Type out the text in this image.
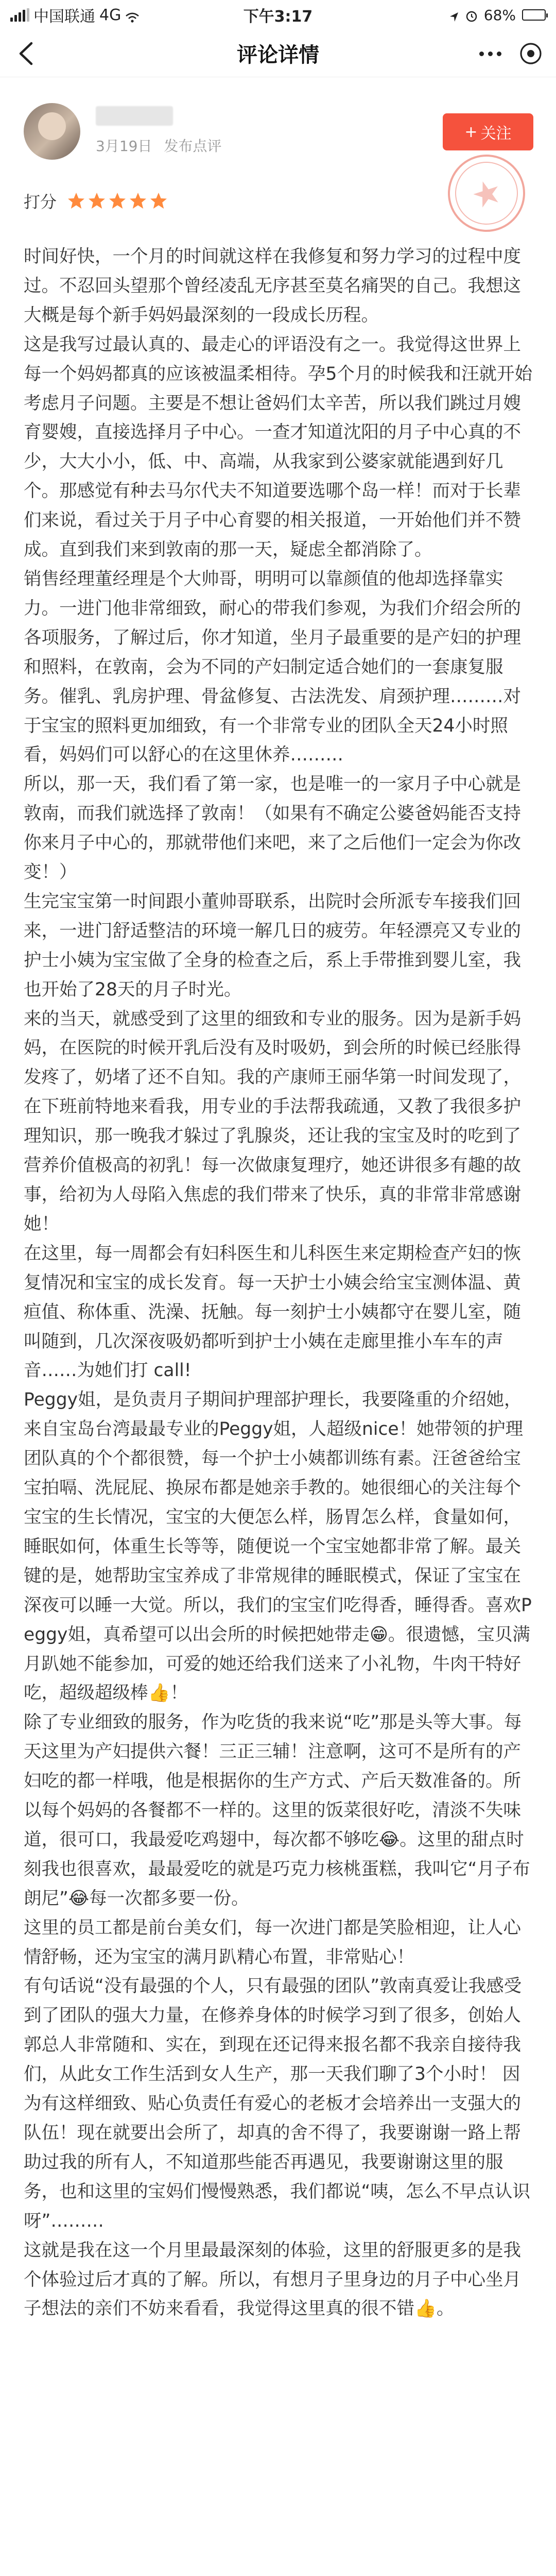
中国联通 4G	下午3:17	68%
评论详情
3月19日 发布点评
+ 关注
打分

时间好快，一个月的时间就这样在我修复和努力学习的过程中度过。不忍回头望那个曾经凌乱无序甚至莫名痛哭的自己。我想这大概是每个新手妈妈最深刻的一段成长历程。

这是我写过最认真的、最走心的评语没有之一。我觉得这世界上每一个妈妈都真的应该被温柔相待。孕5个月的时候我和汪就开始考虑月子问题。主要是不想让爸妈们太辛苦，所以我们跳过月嫂育婴嫂，直接选择月子中心。一查才知道沈阳的月子中心真的不少，大大小小，低、中、高端，从我家到公婆家就能遇到好几个。那感觉有种去马尔代夫不知道要选哪个岛一样！而对于长辈们来说，看过关于月子中心育婴的相关报道，一开始他们并不赞成。直到我们来到敦南的那一天，疑虑全都消除了。

销售经理董经理是个大帅哥，明明可以靠颜值的他却选择靠实力。一进门他非常细致，耐心的带我们参观，为我们介绍会所的各项服务，了解过后，你才知道，坐月子最重要的是产妇的护理和照料，在敦南，会为不同的产妇制定适合她们的一套康复服务。催乳、乳房护理、骨盆修复、古法洗发、肩颈护理………对于宝宝的照料更加细致，有一个非常专业的团队全天24小时照看，妈妈们可以舒心的在这里休养………

所以，那一天，我们看了第一家，也是唯一的一家月子中心就是敦南，而我们就选择了敦南！（如果有不确定公婆爸妈能否支持你来月子中心的，那就带他们来吧，来了之后他们一定会为你改变！）

生完宝宝第一时间跟小董帅哥联系，出院时会所派专车接我们回来，一进门舒适整洁的环境一解几日的疲劳。年轻漂亮又专业的护士小姨为宝宝做了全身的检查之后，系上手带推到婴儿室，我也开始了28天的月子时光。

来的当天，就感受到了这里的细致和专业的服务。因为是新手妈妈，在医院的时候开乳后没有及时吸奶，到会所的时候已经胀得发疼了，奶堵了还不自知。我的产康师王丽华第一时间发现了，在下班前特地来看我，用专业的手法帮我疏通，又教了我很多护理知识，那一晚我才躲过了乳腺炎，还让我的宝宝及时的吃到了营养价值极高的初乳！每一次做康复理疗，她还讲很多有趣的故事，给初为人母陷入焦虑的我们带来了快乐，真的非常非常感谢她！

在这里，每一周都会有妇科医生和儿科医生来定期检查产妇的恢复情况和宝宝的成长发育。每一天护士小姨会给宝宝测体温、黄疸值、称体重、洗澡、抚触。每一刻护士小姨都守在婴儿室，随叫随到，几次深夜吸奶都听到护士小姨在走廊里推小车车的声音……为她们打 call!

Peggy姐，是负责月子期间护理部护理长，我要隆重的介绍她，来自宝岛台湾最最专业的Peggy姐，人超级nice！她带领的护理团队真的个个都很赞，每一个护士小姨都训练有素。汪爸爸给宝宝拍嗝、洗屁屁、换尿布都是她亲手教的。她很细心的关注每个宝宝的生长情况，宝宝的大便怎么样，肠胃怎么样，食量如何，睡眠如何，体重生长等等，随便说一个宝宝她都非常了解。最关键的是，她帮助宝宝养成了非常规律的睡眠模式，保证了宝宝在深夜可以睡一大觉。所以，我们的宝宝们吃得香，睡得香。喜欢Peggy姐，真希望可以出会所的时候把她带走😁。很遗憾，宝贝满月趴她不能参加，可爱的她还给我们送来了小礼物，牛肉干特好吃，超级超级棒👍！

除了专业细致的服务，作为吃货的我来说“吃”那是头等大事。每天这里为产妇提供六餐！三正三辅！注意啊，这可不是所有的产妇吃的都一样哦，他是根据你的生产方式、产后天数准备的。所以每个妈妈的各餐都不一样的。这里的饭菜很好吃，清淡不失味道，很可口，我最爱吃鸡翅中，每次都不够吃😂。这里的甜点时刻我也很喜欢，最最爱吃的就是巧克力核桃蛋糕，我叫它“月子布朗尼”😂每一次都多要一份。

这里的员工都是前台美女们，每一次进门都是笑脸相迎，让人心情舒畅，还为宝宝的满月趴精心布置，非常贴心！

有句话说“没有最强的个人，只有最强的团队”敦南真爱让我感受到了团队的强大力量，在修养身体的时候学习到了很多，创始人郭总人非常随和、实在，到现在还记得来报名都不我亲自接待我们，从此女工作生活到女人生产，那一天我们聊了3个小时！ 因为有这样细致、贴心负责任有爱心的老板才会培养出一支强大的队伍！现在就要出会所了，却真的舍不得了，我要谢谢一路上帮助过我的所有人，不知道那些能否再遇见，我要谢谢这里的服务，也和这里的宝妈们慢慢熟悉，我们都说“咦，怎么不早点认识呀”………

这就是我在这一个月里最最深刻的体验，这里的舒服更多的是我个体验过后才真的了解。所以，有想月子里身边的月子中心坐月子想法的亲们不妨来看看，我觉得这里真的很不错👍。
